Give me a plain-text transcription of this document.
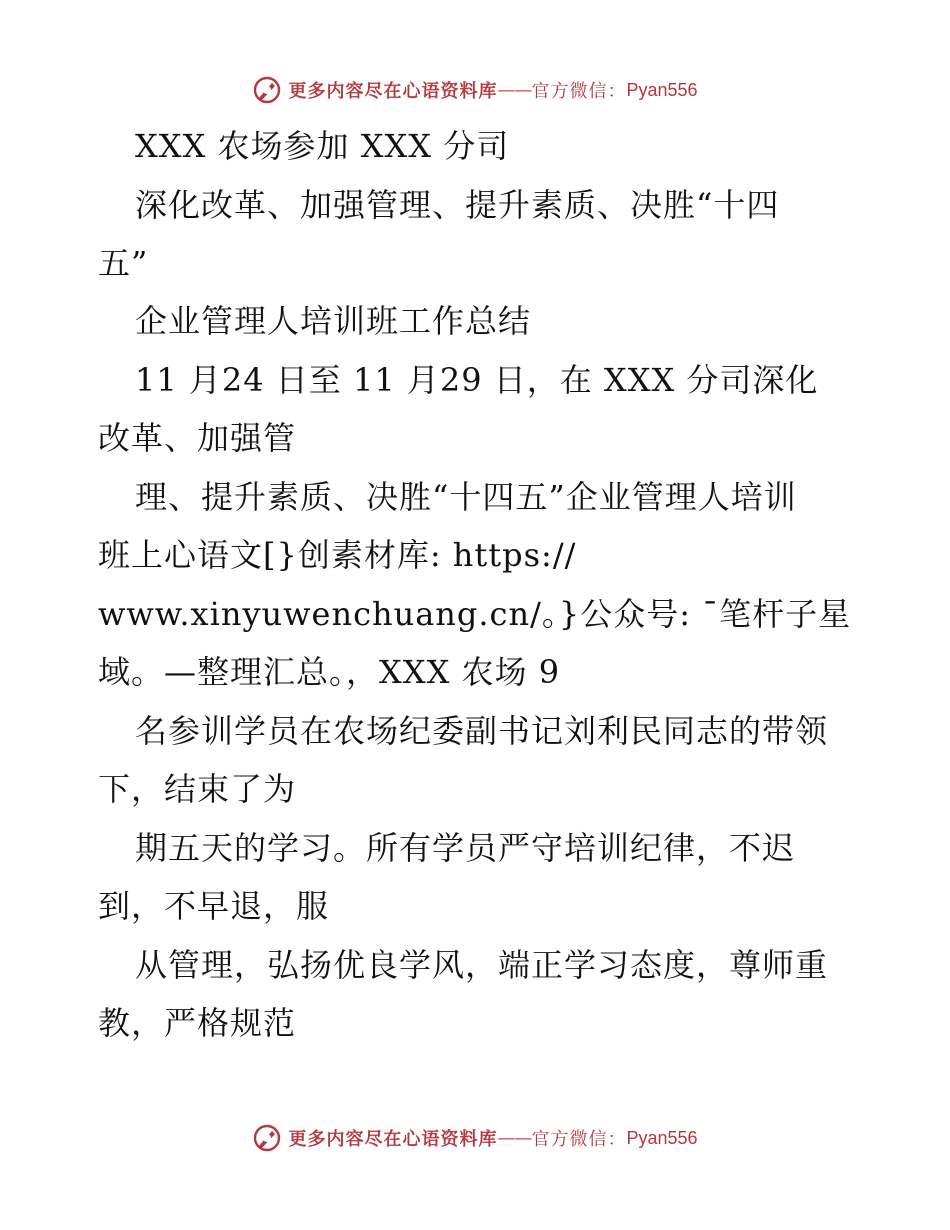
更多内容尽在心语资料库 —— 官方微信： Pyan556
XXX 农场参加 XXX 分司
深化改革、加强管理、提升素质、决胜“十四
五”
企业管理人培训班工作总结
11 月24 日至 11 月29 日，在 XXX 分司深化
改革、加强管
理、提升素质、决胜“十四五”企业管理人培训
班上心语文[}创素材库: https://
www.xinyuwenchuang.cn/。}公众号: ¯笔杆子星
域。—整理汇总。，XXX 农场 9
名参训学员在农场纪委副书记刘利民同志的带领
下，结束了为
期五天的学习。所有学员严守培训纪律，不迟
到，不早退，服
从管理，弘扬优良学风，端正学习态度，尊师重
教，严格规范
更多内容尽在心语资料库 —— 官方微信： Pyan556
